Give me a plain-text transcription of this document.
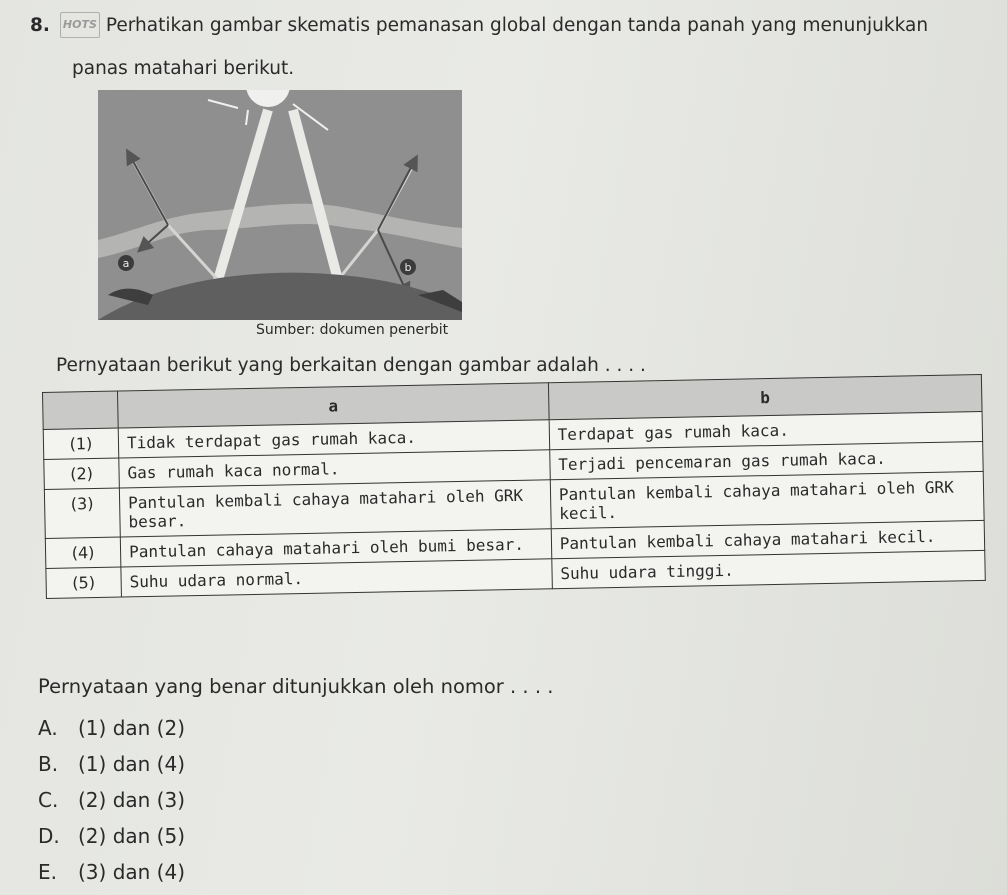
8. HOTS Perhatikan gambar skematis pemanasan global dengan tanda panah yang menunjukkan
panas matahari berikut.
a	b
Sumber: dokumen penerbit
Pernyataan berikut yang berkaitan dengan gambar adalah . . . .
	a	b
(1)	Tidak terdapat gas rumah kaca.	Terdapat gas rumah kaca.
(2)	Gas rumah kaca normal.	Terjadi pencemaran gas rumah kaca.
(3)	Pantulan kembali cahaya matahari oleh GRK besar.	Pantulan kembali cahaya matahari oleh GRK kecil.
(4)	Pantulan cahaya matahari oleh bumi besar.	Pantulan kembali cahaya matahari kecil.
(5)	Suhu udara normal.	Suhu udara tinggi.
Pernyataan yang benar ditunjukkan oleh nomor . . . .
A. (1) dan (2)
B. (1) dan (4)
C. (2) dan (3)
D. (2) dan (5)
E. (3) dan (4)
